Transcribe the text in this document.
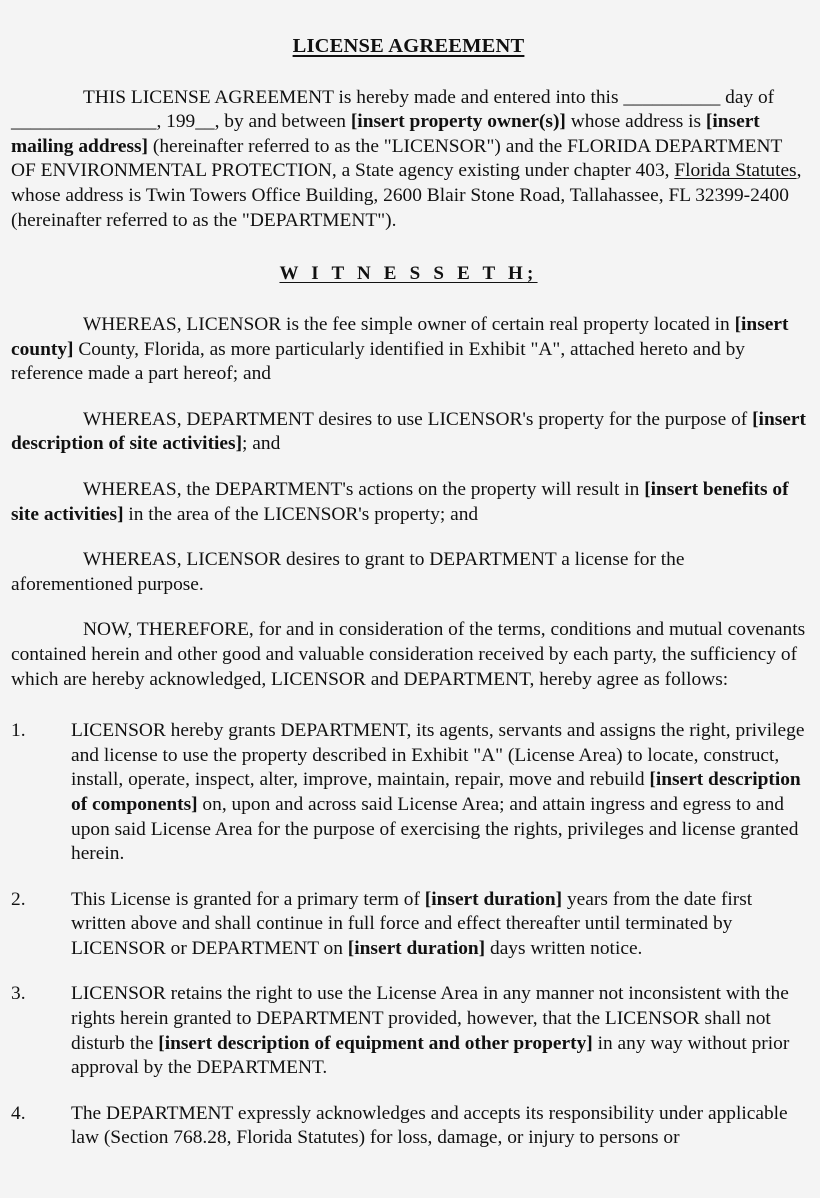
LICENSE AGREEMENT

THIS LICENSE AGREEMENT is hereby made and entered into this __________ day of _______________, 199__, by and between [insert property owner(s)] whose address is [insert mailing address] (hereinafter referred to as the "LICENSOR") and the FLORIDA DEPARTMENT OF ENVIRONMENTAL PROTECTION, a State agency existing under chapter 403, Florida Statutes, whose address is Twin Towers Office Building, 2600 Blair Stone Road, Tallahassee, FL 32399-2400 (hereinafter referred to as the "DEPARTMENT").

W I T N E S S E T H;

WHEREAS, LICENSOR is the fee simple owner of certain real property located in [insert county] County, Florida, as more particularly identified in Exhibit "A", attached hereto and by reference made a part hereof; and

WHEREAS, DEPARTMENT desires to use LICENSOR's property for the purpose of [insert description of site activities]; and

WHEREAS, the DEPARTMENT's actions on the property will result in [insert benefits of site activities] in the area of the LICENSOR's property; and

WHEREAS, LICENSOR desires to grant to DEPARTMENT a license for the aforementioned purpose.

NOW, THEREFORE, for and in consideration of the terms, conditions and mutual covenants contained herein and other good and valuable consideration received by each party, the sufficiency of which are hereby acknowledged, LICENSOR and DEPARTMENT, hereby agree as follows:

1.	LICENSOR hereby grants DEPARTMENT, its agents, servants and assigns the right, privilege and license to use the property described in Exhibit "A" (License Area) to locate, construct, install, operate, inspect, alter, improve, maintain, repair, move and rebuild [insert description of components] on, upon and across said License Area; and attain ingress and egress to and upon said License Area for the purpose of exercising the rights, privileges and license granted herein.
2.	This License is granted for a primary term of [insert duration] years from the date first written above and shall continue in full force and effect thereafter until terminated by LICENSOR or DEPARTMENT on [insert duration] days written notice.
3.	LICENSOR retains the right to use the License Area in any manner not inconsistent with the rights herein granted to DEPARTMENT provided, however, that the LICENSOR shall not disturb the [insert description of equipment and other property] in any way without prior approval by the DEPARTMENT.
4.	The DEPARTMENT expressly acknowledges and accepts its responsibility under applicable law (Section 768.28, Florida Statutes) for loss, damage, or injury to persons or
